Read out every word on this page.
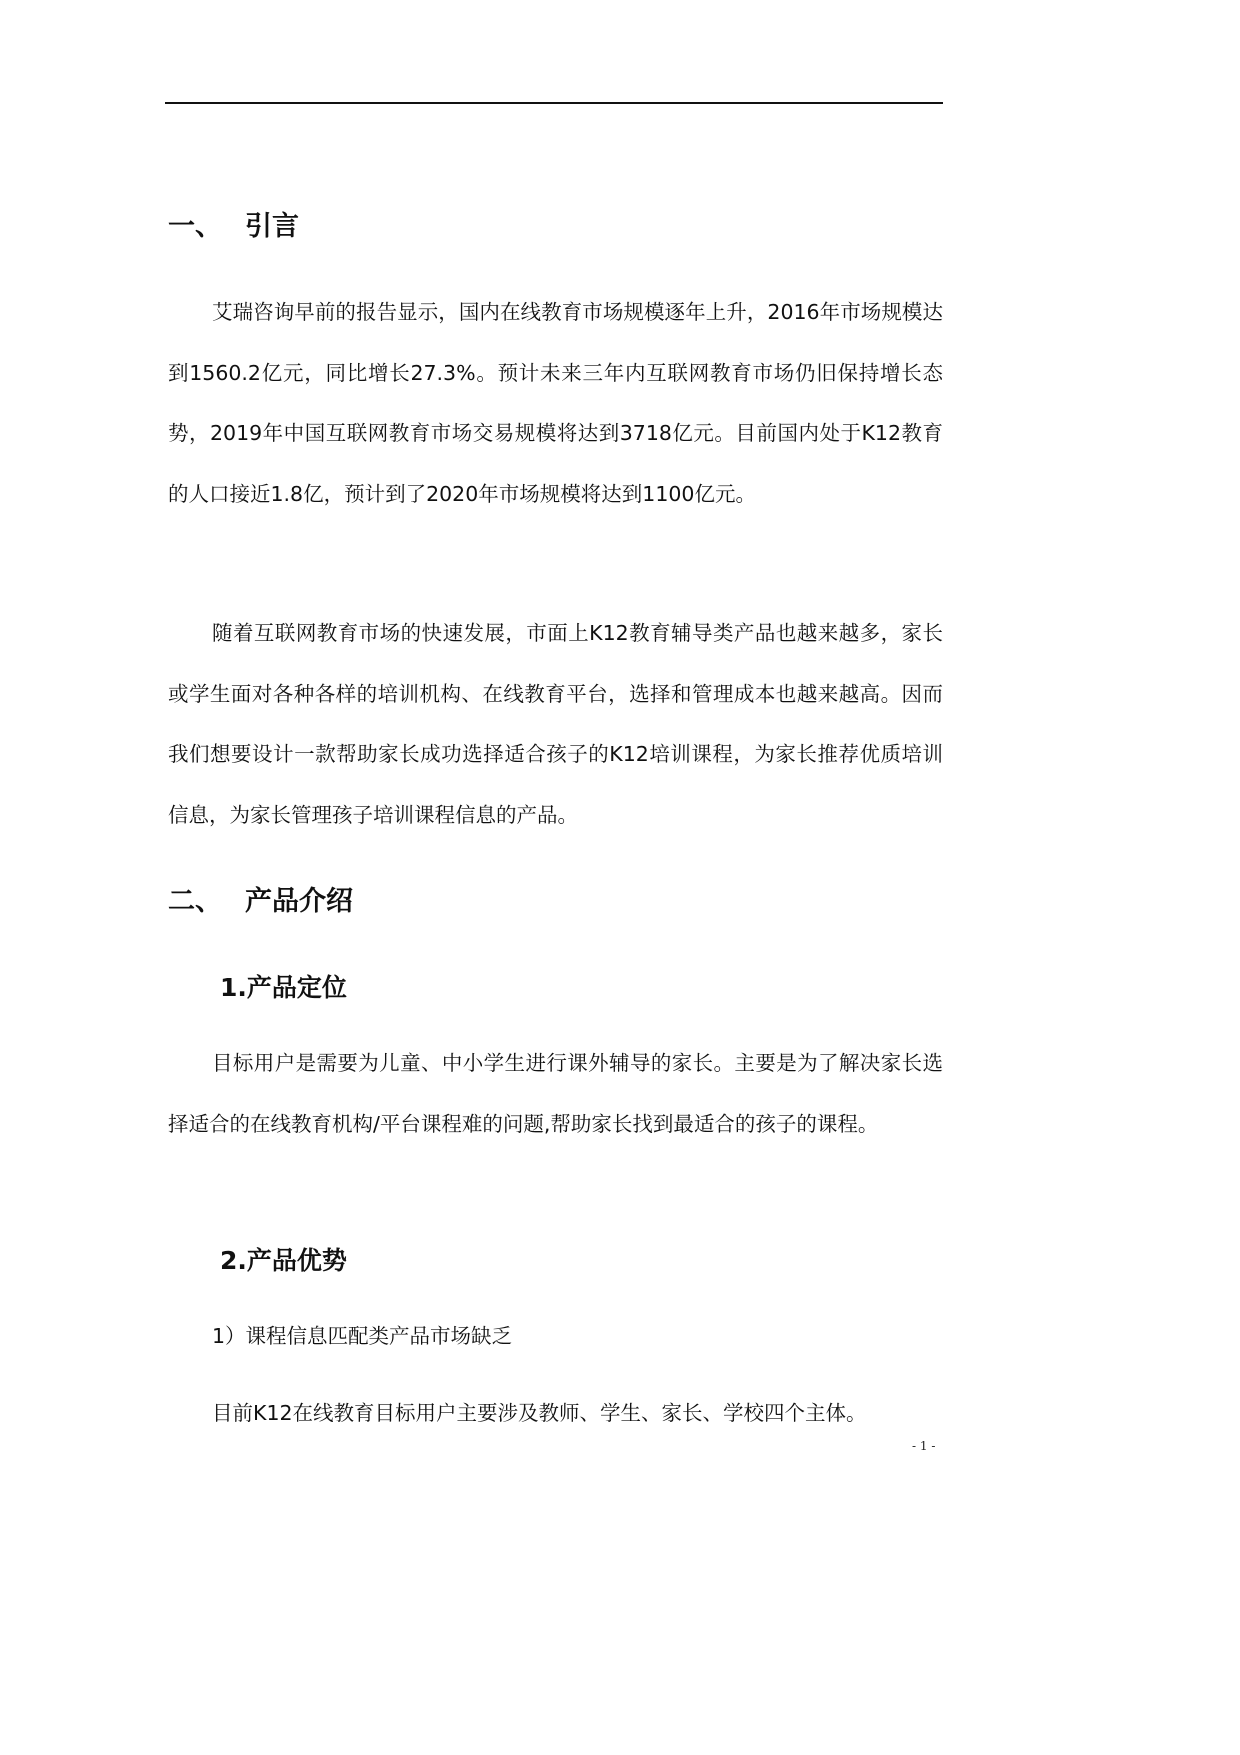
一、 引言

艾瑞咨询早前的报告显示，国内在线教育市场规模逐年上升，2016年市场规模达到1560.2亿元，同比增长27.3%。预计未来三年内互联网教育市场仍旧保持增长态势，2019年中国互联网教育市场交易规模将达到3718亿元。目前国内处于K12教育的人口接近1.8亿，预计到了2020年市场规模将达到1100亿元。

随着互联网教育市场的快速发展，市面上K12教育辅导类产品也越来越多，家长或学生面对各种各样的培训机构、在线教育平台，选择和管理成本也越来越高。因而我们想要设计一款帮助家长成功选择适合孩子的K12培训课程，为家长推荐优质培训信息，为家长管理孩子培训课程信息的产品。

二、 产品介绍
1.产品定位

目标用户是需要为儿童、中小学生进行课外辅导的家长。主要是为了解决家长选择适合的在线教育机构/平台课程难的问题,帮助家长找到最适合的孩子的课程。

2.产品优势

1）课程信息匹配类产品市场缺乏

目前K12在线教育目标用户主要涉及教师、学生、家长、学校四个主体。

- 1 -
